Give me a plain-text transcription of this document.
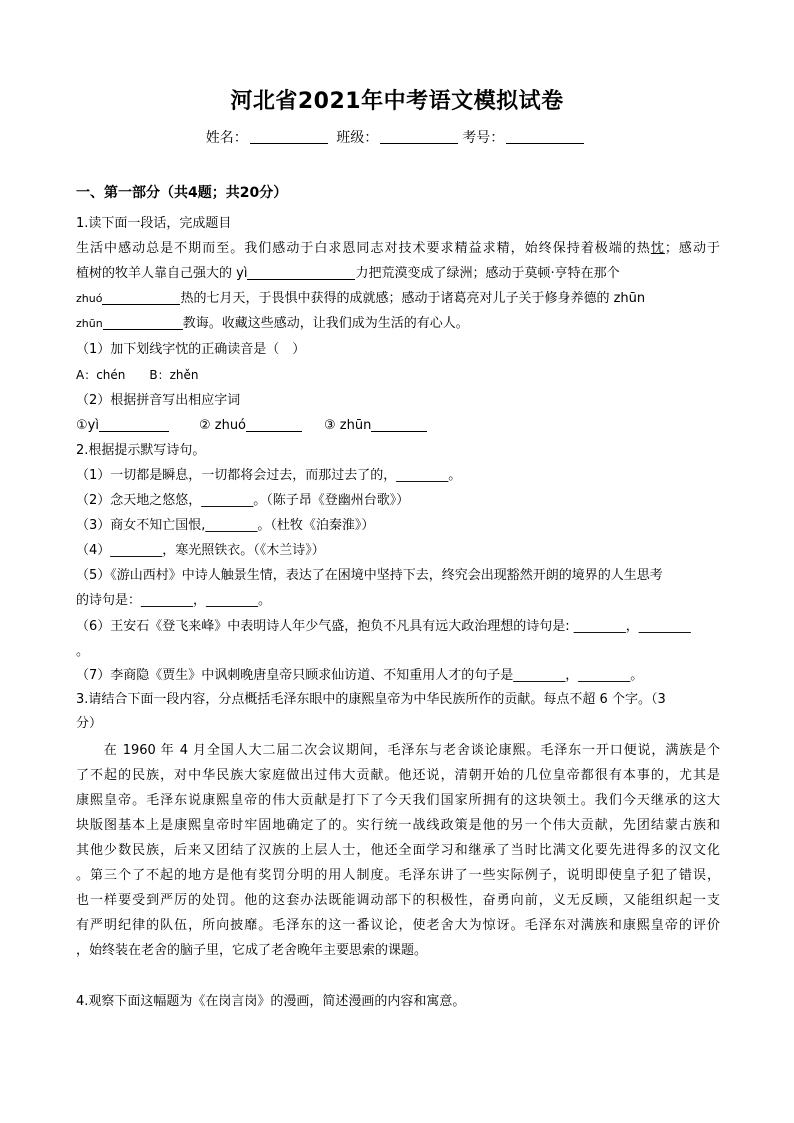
河北省2021年中考语文模拟试卷
姓名：	班级：	考号：
一、第一部分（共4题；共20分）
1.读下面一段话，完成题目
生活中感动总是不期而至。我们感动于白求恩同志对技术要求精益求精，始终保持着极端的热忱；感动于
植树的牧羊人靠自己强大的 yì	力把荒漠变成了绿洲；感动于莫顿·亨特在那个
zhuó	热的七月天，于畏惧中获得的成就感；感动于诸葛亮对儿子关于修身养德的 zhūn
zhūn	教诲。收藏这些感动，让我们成为生活的有心人。
（1）加下划线字忱的正确读音是（　）
A：chén　　B：zhěn
（2）根据拼音写出相应字词
①yì	② zhuó	③ zhūn
2.根据提示默写诗句。
（1）一切都是瞬息，一切都将会过去，而那过去了的，________。
（2）念天地之悠悠，________。（陈子昂《登幽州台歌》）
（3）商女不知亡国恨,________。（杜牧《泊秦淮》）
（4）________，寒光照铁衣。（《木兰诗》）
（5）《游山西村》中诗人触景生情，表达了在困境中坚持下去，终究会出现豁然开朗的境界的人生思考
的诗句是：________，________。
（6）王安石《登飞来峰》中表明诗人年少气盛，抱负不凡具有远大政治理想的诗句是: ________，________
。
（7）李商隐《贾生》中讽刺晚唐皇帝只顾求仙访道、不知重用人才的句子是________，________。
3.请结合下面一段内容，分点概括毛泽东眼中的康熙皇帝为中华民族所作的贡献。每点不超 6 个字。（3
分）
　　在 1960 年 4 月全国人大二届二次会议期间，毛泽东与老舍谈论康熙。毛泽东一开口便说，满族是个
了不起的民族，对中华民族大家庭做出过伟大贡献。他还说，清朝开始的几位皇帝都很有本事的，尤其是
康熙皇帝。毛泽东说康熙皇帝的伟大贡献是打下了今天我们国家所拥有的这块领土。我们今天继承的这大
块版图基本上是康熙皇帝时牢固地确定了的。实行统一战线政策是他的另一个伟大贡献，先团结蒙古族和
其他少数民族，后来又团结了汉族的上层人士，他还全面学习和继承了当时比满文化要先进得多的汉文化
。第三个了不起的地方是他有奖罚分明的用人制度。毛泽东讲了一些实际例子，说明即使皇子犯了错误，
也一样要受到严厉的处罚。他的这套办法既能调动部下的积极性，奋勇向前，义无反顾，又能组织起一支
有严明纪律的队伍，所向披靡。毛泽东的这一番议论，使老舍大为惊讶。毛泽东对满族和康熙皇帝的评价
，始终装在老舍的脑子里，它成了老舍晚年主要思索的课题。
4.观察下面这幅题为《在岗言岗》的漫画，简述漫画的内容和寓意。
